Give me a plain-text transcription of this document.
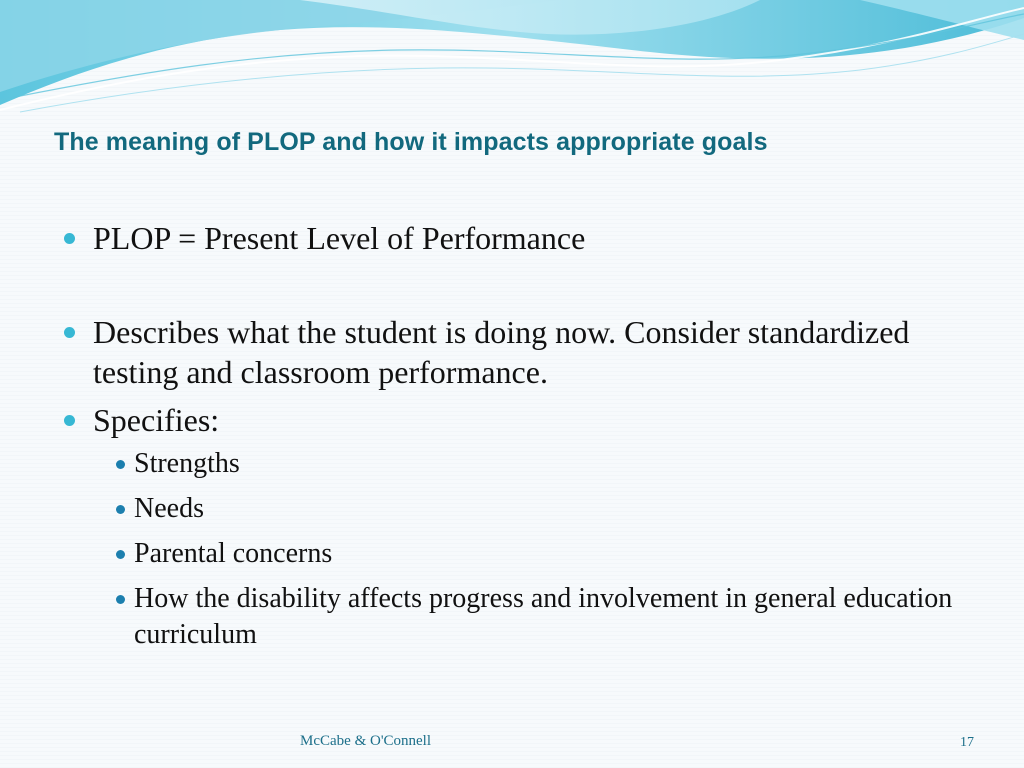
The meaning of PLOP and how it impacts appropriate goals
PLOP = Present Level of Performance
Describes what the student is doing now. Consider standardized testing and classroom performance.
Specifies:
Strengths
Needs
Parental concerns
How the disability affects progress and involvement in general education curriculum
McCabe & O'Connell	17
